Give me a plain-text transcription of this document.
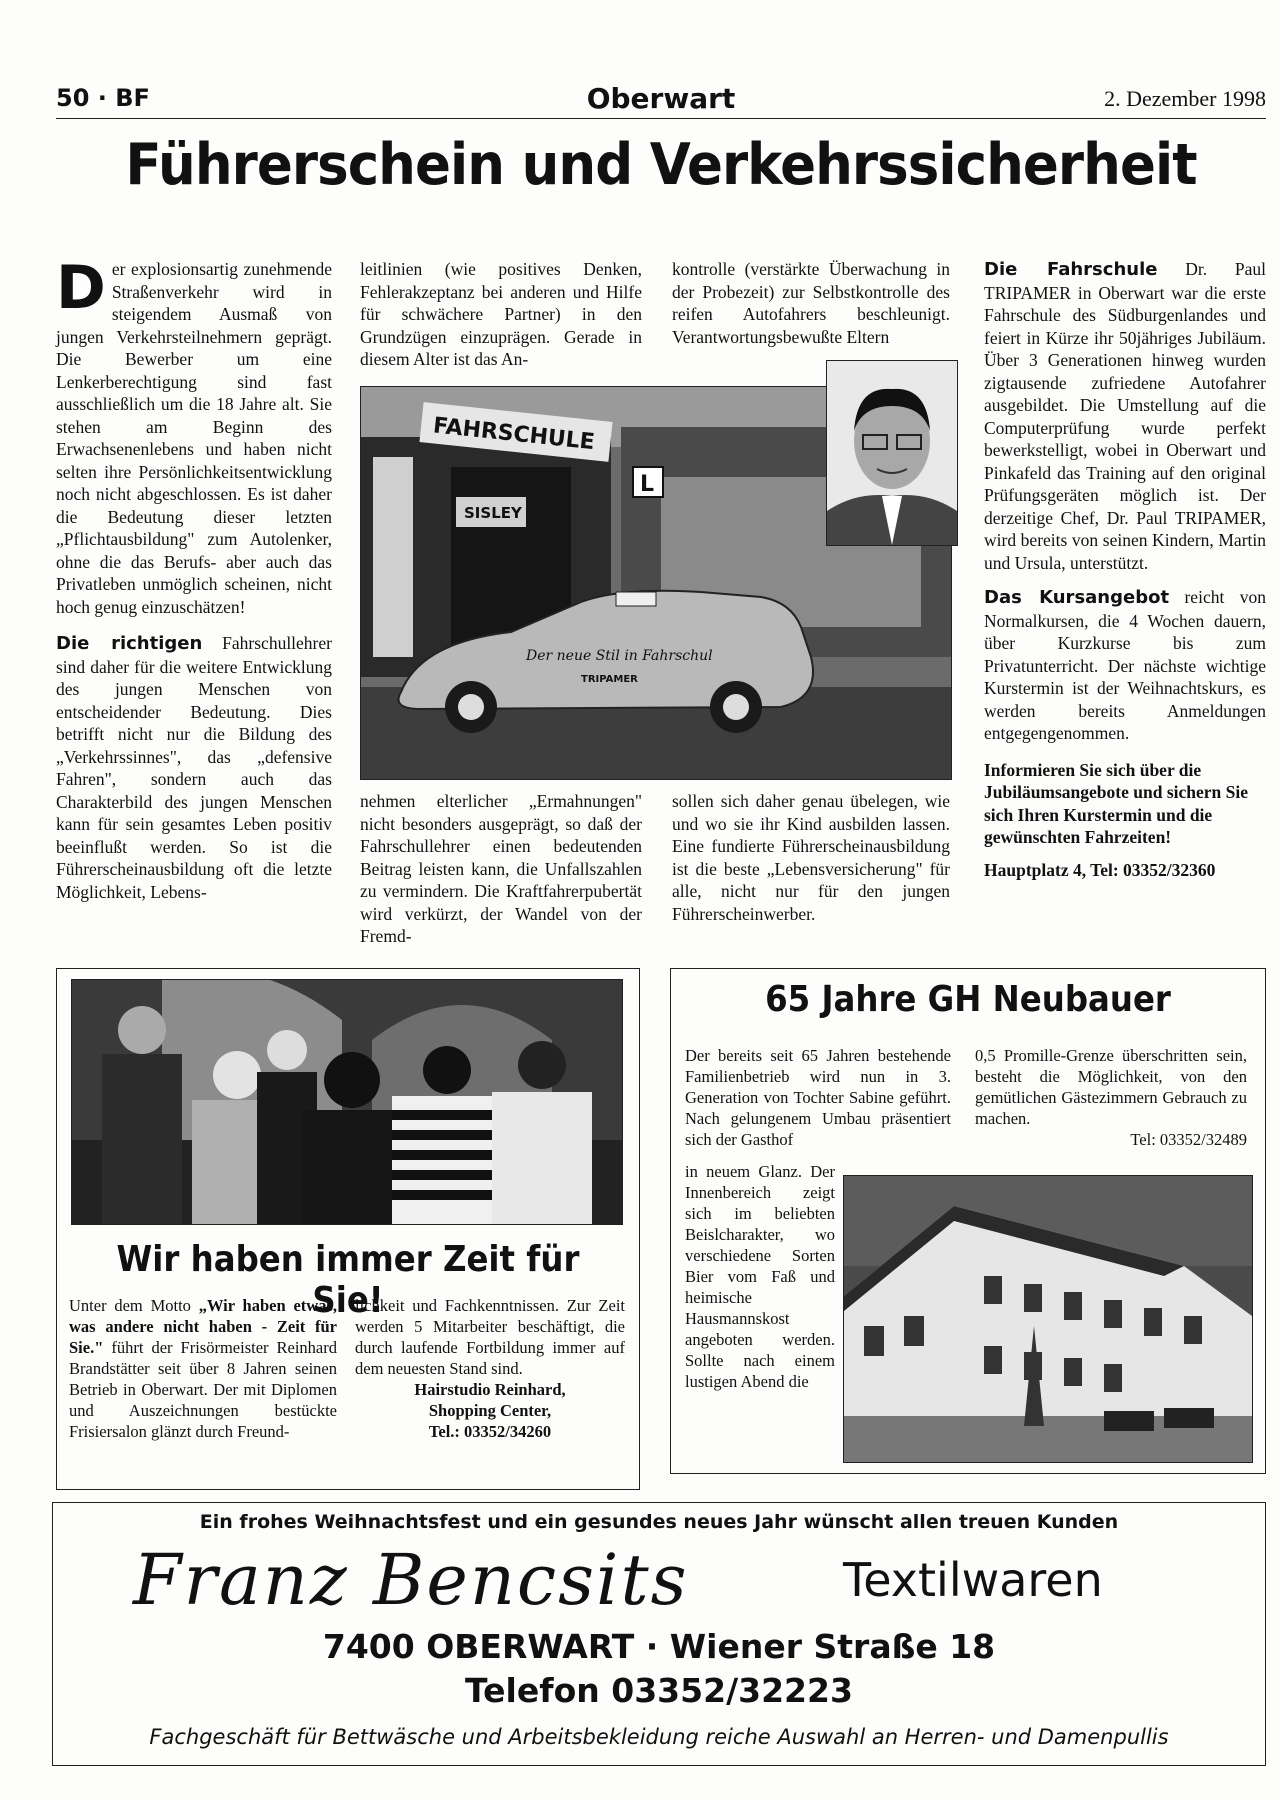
50 · BF	Oberwart	2. Dezember 1998
Führerschein und Verkehrssicherheit

Der explosionsartig zunehmende Straßenverkehr wird in steigendem Ausmaß von jungen Verkehrsteilnehmern geprägt. Die Bewerber um eine Lenkerberechtigung sind fast ausschließlich um die 18 Jahre alt. Sie stehen am Beginn des Erwachsenenlebens und haben nicht selten ihre Persönlichkeitsentwicklung noch nicht abgeschlossen. Es ist daher die Bedeutung dieser letzten „Pflichtausbildung" zum Autolenker, ohne die das Berufs- aber auch das Privatleben unmöglich scheinen, nicht hoch genug einzuschätzen!

Die richtigen Fahrschullehrer sind daher für die weitere Entwicklung des jungen Menschen von entscheidender Bedeutung. Dies betrifft nicht nur die Bildung des „Verkehrssinnes", das „defensive Fahren", sondern auch das Charakterbild des jungen Menschen kann für sein gesamtes Leben positiv beeinflußt werden. So ist die Führerscheinausbildung oft die letzte Möglichkeit, Lebens-

leitlinien (wie positives Denken, Fehlerakzeptanz bei anderen und Hilfe für schwächere Partner) in den Grundzügen einzuprägen. Gerade in diesem Alter ist das An-

kontrolle (verstärkte Überwachung in der Probezeit) zur Selbstkontrolle des reifen Autofahrers beschleunigt. Verantwortungsbewußte Eltern

FAHRSCHULE
SISLEY
L
Der neue Stil in Fahrschul
TRIPAMER

nehmen elterlicher „Ermahnungen" nicht besonders ausgeprägt, so daß der Fahrschullehrer einen bedeutenden Beitrag leisten kann, die Unfallszahlen zu vermindern. Die Kraftfahrerpubertät wird verkürzt, der Wandel von der Fremd-

sollen sich daher genau übelegen, wie und wo sie ihr Kind ausbilden lassen. Eine fundierte Führerscheinausbildung ist die beste „Lebensversicherung" für alle, nicht nur für den jungen Führerscheinwerber.

Die Fahrschule Dr. Paul TRIPAMER in Oberwart war die erste Fahrschule des Südburgenlandes und feiert in Kürze ihr 50jähriges Jubiläum. Über 3 Generationen hinweg wurden zigtausende zufriedene Autofahrer ausgebildet. Die Umstellung auf die Computerprüfung wurde perfekt bewerkstelligt, wobei in Oberwart und Pinkafeld das Training auf den original Prüfungsgeräten möglich ist. Der derzeitige Chef, Dr. Paul TRIPAMER, wird bereits von seinen Kindern, Martin und Ursula, unterstützt.

Das Kursangebot reicht von Normalkursen, die 4 Wochen dauern, über Kurzkurse bis zum Privatunterricht. Der nächste wichtige Kurstermin ist der Weihnachtskurs, es werden bereits Anmeldungen entgegengenommen.

Informieren Sie sich über die Jubiläumsangebote und sichern Sie sich Ihren Kurstermin und die gewünschten Fahrzeiten!

Hauptplatz 4, Tel: 03352/32360

Wir haben immer Zeit für Sie!

Unter dem Motto „Wir haben etwas, was andere nicht haben - Zeit für Sie." führt der Frisörmeister Reinhard Brandstätter seit über 8 Jahren seinen Betrieb in Oberwart. Der mit Diplomen und Auszeichnungen bestückte Frisiersalon glänzt durch Freund-

lichkeit und Fachkenntnissen. Zur Zeit werden 5 Mitarbeiter beschäftigt, die durch laufende Fortbildung immer auf dem neuesten Stand sind.

Hairstudio Reinhard,

Shopping Center,

Tel.: 03352/34260

65 Jahre GH Neubauer

Der bereits seit 65 Jahren bestehende Familienbetrieb wird nun in 3. Generation von Tochter Sabine geführt. Nach gelungenem Umbau präsentiert sich der Gasthof

in neuem Glanz. Der Innenbereich zeigt sich im beliebten Beislcharakter, wo verschiedene Sorten Bier vom Faß und heimische Hausmannskost angeboten werden. Sollte nach einem lustigen Abend die

0,5 Promille-Grenze überschritten sein, besteht die Möglichkeit, von den gemütlichen Gästezimmern Gebrauch zu machen.

Tel: 03352/32489

Ein frohes Weihnachtsfest und ein gesundes neues Jahr wünscht allen treuen Kunden
Franz Bencsits	Textilwaren
7400 OBERWART · Wiener Straße 18
Telefon 03352/32223
Fachgeschäft für Bettwäsche und Arbeitsbekleidung reiche Auswahl an Herren- und Damenpullis
